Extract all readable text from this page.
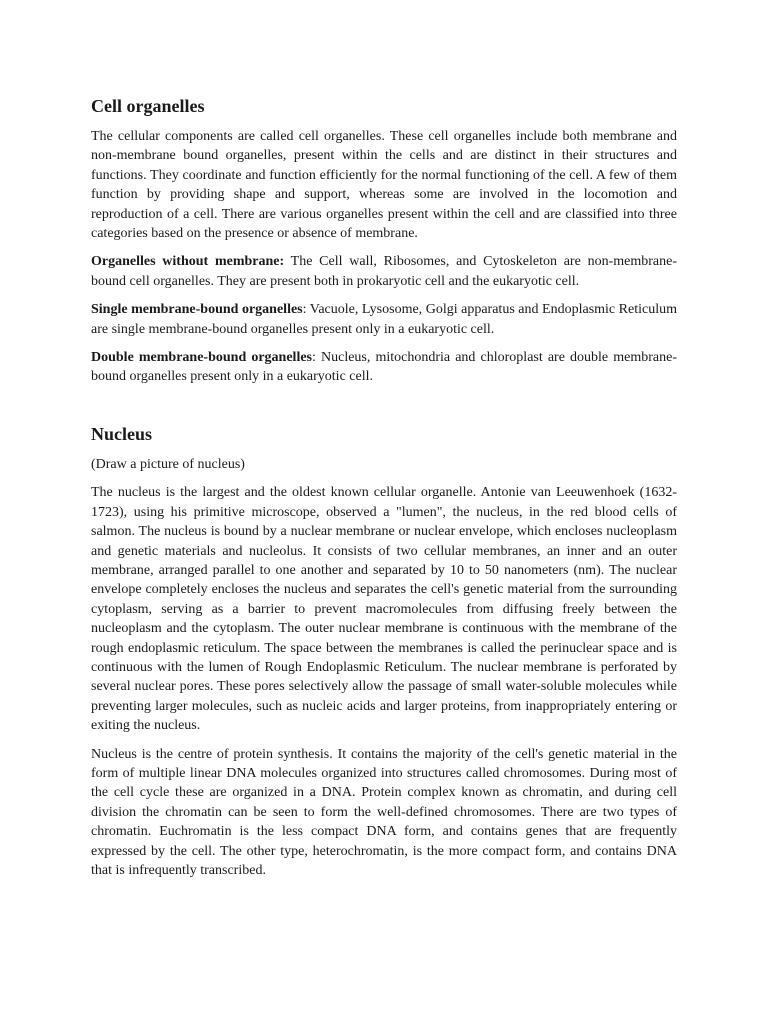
Cell organelles

The cellular components are called cell organelles. These cell organelles include both membrane and non-membrane bound organelles, present within the cells and are distinct in their structures and functions. They coordinate and function efficiently for the normal functioning of the cell. A few of them function by providing shape and support, whereas some are involved in the locomotion and reproduction of a cell. There are various organelles present within the cell and are classified into three categories based on the presence or absence of membrane.

Organelles without membrane: The Cell wall, Ribosomes, and Cytoskeleton are non-membrane-bound cell organelles. They are present both in prokaryotic cell and the eukaryotic cell.

Single membrane-bound organelles: Vacuole, Lysosome, Golgi apparatus and Endoplasmic Reticulum are single membrane-bound organelles present only in a eukaryotic cell.

Double membrane-bound organelles: Nucleus, mitochondria and chloroplast are double membrane-bound organelles present only in a eukaryotic cell.

Nucleus

(Draw a picture of nucleus)

The nucleus is the largest and the oldest known cellular organelle. Antonie van Leeuwenhoek (1632-1723), using his primitive microscope, observed a "lumen", the nucleus, in the red blood cells of salmon. The nucleus is bound by a nuclear membrane or nuclear envelope, which encloses nucleoplasm and genetic materials and nucleolus. It consists of two cellular membranes, an inner and an outer membrane, arranged parallel to one another and separated by 10 to 50 nanometers (nm). The nuclear envelope completely encloses the nucleus and separates the cell's genetic material from the surrounding cytoplasm, serving as a barrier to prevent macromolecules from diffusing freely between the nucleoplasm and the cytoplasm. The outer nuclear membrane is continuous with the membrane of the rough endoplasmic reticulum. The space between the membranes is called the perinuclear space and is continuous with the lumen of Rough Endoplasmic Reticulum. The nuclear membrane is perforated by several nuclear pores. These pores selectively allow the passage of small water-soluble molecules while preventing larger molecules, such as nucleic acids and larger proteins, from inappropriately entering or exiting the nucleus.

Nucleus is the centre of protein synthesis. It contains the majority of the cell's genetic material in the form of multiple linear DNA molecules organized into structures called chromosomes. During most of the cell cycle these are organized in a DNA. Protein complex known as chromatin, and during cell division the chromatin can be seen to form the well-defined chromosomes. There are two types of chromatin. Euchromatin is the less compact DNA form, and contains genes that are frequently expressed by the cell. The other type, heterochromatin, is the more compact form, and contains DNA that is infrequently transcribed.
